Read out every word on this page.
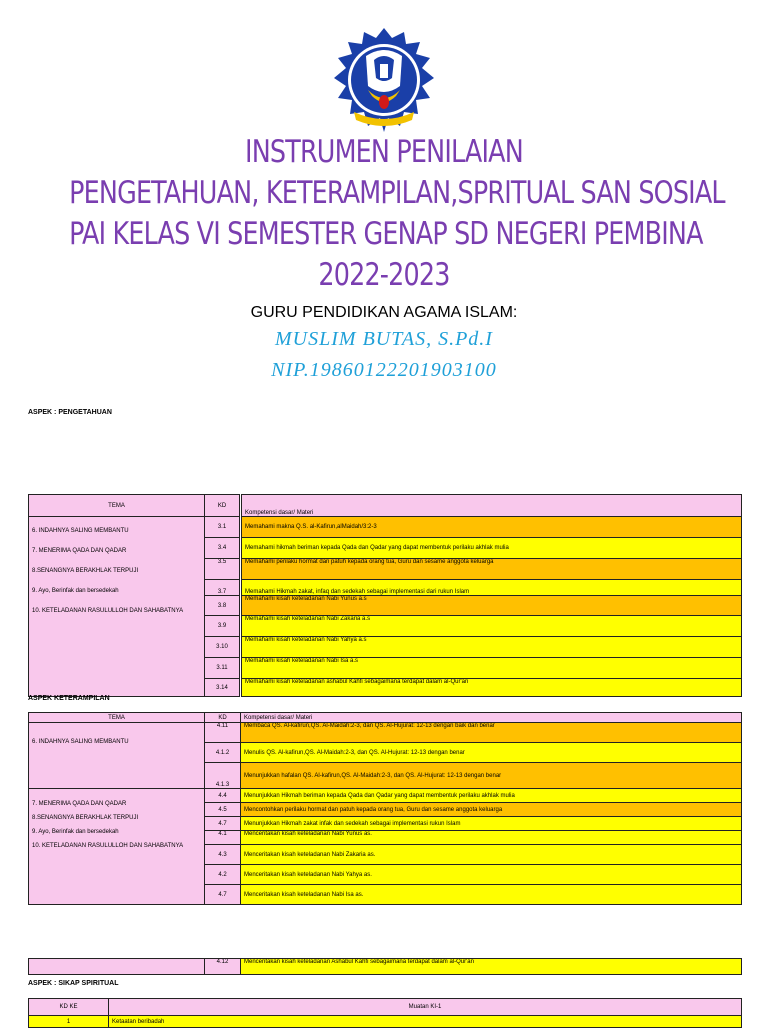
INSTRUMEN PENILAIAN
PENGETAHUAN, KETERAMPILAN,SPRITUAL SAN SOSIAL
PAI KELAS VI SEMESTER GENAP SD NEGERI PEMBINA
2022-2023
GURU PENDIDIKAN AGAMA ISLAM:
MUSLIM BUTAS, S.Pd.I
NIP.19860122201903100
ASPEK : PENGETAHUAN
TEMA	KD	Kompetensi dasar/ Materi

6. INDAHNYA SALING MEMBANTU
7. MENERIMA QADA DAN QADAR
8.SENANGNYA BERAKHLAK TERPUJI
9. Ayo, Berinfak dan bersedekah
10. KETELADANAN RASULULLOH DAN SAHABATNYA	3.1	Memahami makna Q.S. al-Kafirun,alMaidah/3:2-3
	3.4	Memahami hikmah beriman kepada Qada dan Qadar yang dapat membentuk perilaku akhlak mulia
	3.5	Memahami perilaku hormat dan patuh kepada orang tua, Guru dan sesame anggota keluarga
	3.7	Memahami Hikmah zakat, infaq dan sedekah sebagai implementasi dari rukun Islam
	3.8	Memahami kisah keteladanan Nabi Yunus a.s
	3.9	Memahami kisah keteladanan Nabi Zakaria a.s
	3.10	Memahami kisah keteladanan Nabi Yahya a.s
	3.11	Memahami kisah keteladanan Nabi Isa a.s
	3.14	Memahami kisah keteladanan ashabul Kahfi sebagaimana terdapat dalam al-Qur'an
ASPEK KETERAMPILAN
TEMA	KD	Kompetensi dasar/ Materi
6. INDAHNYA SALING MEMBANTU	4.11	Membaca QS. Al-kafirun,QS. Al-Maidah:2-3, dan QS. Al-Hujurat: 12-13 dengan baik dan benar
	4.1.2	Menulis QS. Al-kafirun,QS. Al-Maidah:2-3, dan QS. Al-Hujurat: 12-13 dengan benar
	4.1.3	Menunjukkan hafalan QS. Al-kafirun,QS. Al-Maidah:2-3, dan QS. Al-Hujurat: 12-13 dengan benar

7. MENERIMA QADA DAN QADAR
8.SENANGNYA BERAKHLAK TERPUJI
9. Ayo, Berinfak dan bersedekah
10. KETELADANAN RASULULLOH DAN SAHABATNYA	4.4	Menunjukkan Hikmah beriman kepada Qada dan Qadar yang dapat membentuk perilaku akhlak mulia
	4.5	Mencontohkan perilaku hormat dan patuh kepada orang tua, Guru dan sesame anggota keluarga
	4.7	Menunjukkan Hikmah zakat infak dan sedekah sebagai implementasi rukun Islam
	4.1	Menceritakan kisah keteladanan Nabi Yunus as.
	4.3	Menceritakan kisah keteladanan Nabi Zakaria as.
	4.2	Menceritakan kisah keteladanan Nabi Yahya as.
	4.7	Menceritakan kisah keteladanan Nabi Isa as.
	4.12	Menceritakan kisah keteladanan Ashabul Kahfi sebagaimana terdapat dalam al-Qur'an
ASPEK : SIKAP SPIRITUAL
KD KE	Muatan KI-1
1	Ketaatan beribadah
